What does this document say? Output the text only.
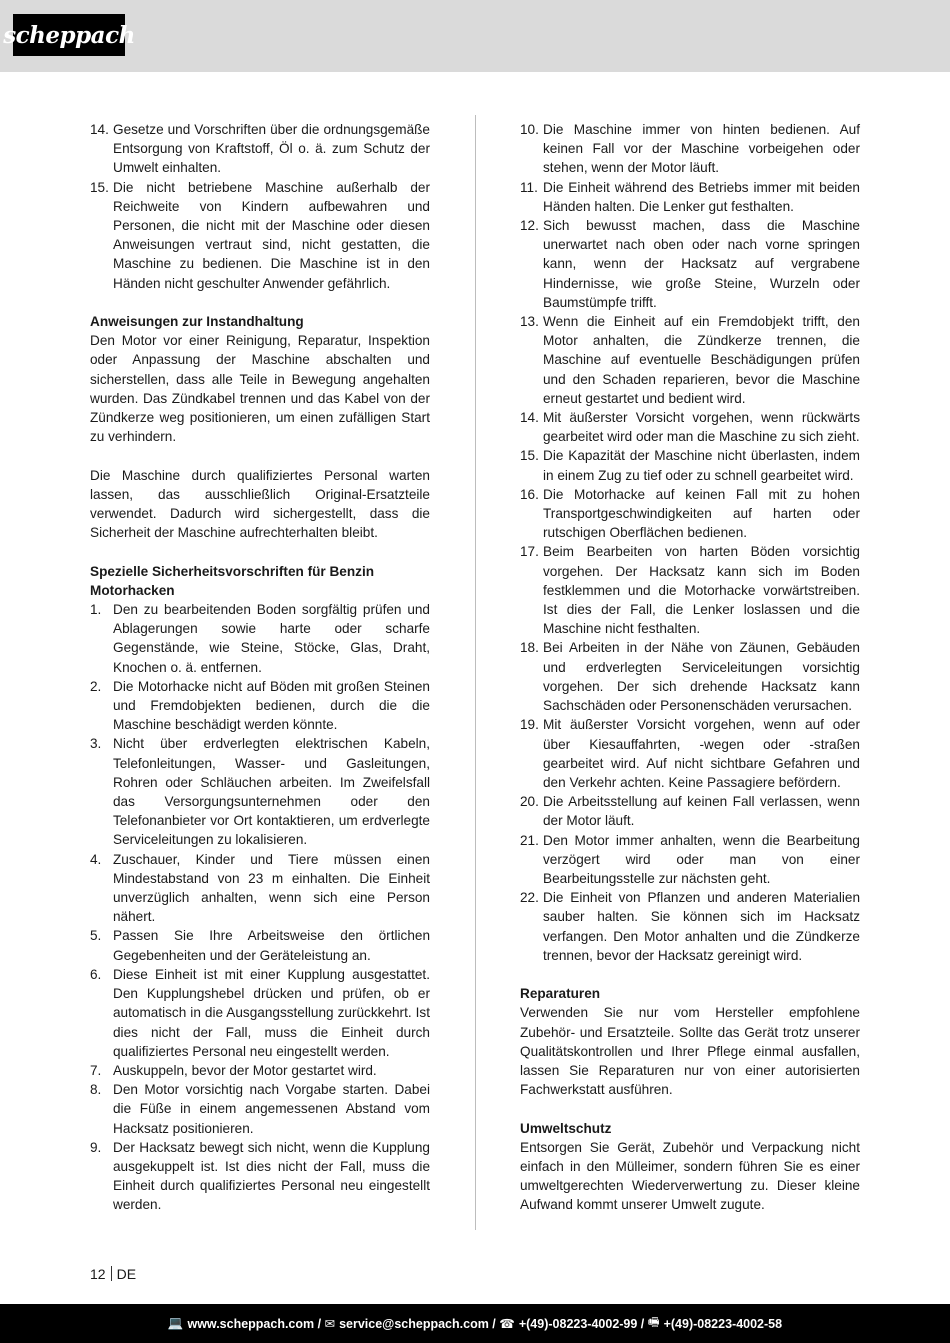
scheppach
14. Gesetze und Vorschriften über die ordnungsgemäße Entsorgung von Kraftstoff, Öl o. ä. zum Schutz der Umwelt einhalten.
15. Die nicht betriebene Maschine außerhalb der Reichweite von Kindern aufbewahren und Personen, die nicht mit der Maschine oder diesen Anweisungen vertraut sind, nicht gestatten, die Maschine zu bedienen. Die Maschine ist in den Händen nicht geschulter Anwender gefährlich.
Anweisungen zur Instandhaltung

Den Motor vor einer Reinigung, Reparatur, Inspektion oder Anpassung der Maschine abschalten und sicherstellen, dass alle Teile in Bewegung angehalten wurden. Das Zündkabel trennen und das Kabel von der Zündkerze weg positionieren, um einen zufälligen Start zu verhindern.

Die Maschine durch qualifiziertes Personal warten lassen, das ausschließlich Original-Ersatzteile verwendet. Dadurch wird sichergestellt, dass die Sicherheit der Maschine aufrechterhalten bleibt.

Spezielle Sicherheitsvorschriften für Benzin Motorhacken
1. Den zu bearbeitenden Boden sorgfältig prüfen und Ablagerungen sowie harte oder scharfe Gegenstände, wie Steine, Stöcke, Glas, Draht, Knochen o. ä. entfernen.
2. Die Motorhacke nicht auf Böden mit großen Steinen und Fremdobjekten bedienen, durch die die Maschine beschädigt werden könnte.
3. Nicht über erdverlegten elektrischen Kabeln, Telefonleitungen, Wasser- und Gasleitungen, Rohren oder Schläuchen arbeiten. Im Zweifelsfall das Versorgungsunternehmen oder den Telefonanbieter vor Ort kontaktieren, um erdverlegte Serviceleitungen zu lokalisieren.
4. Zuschauer, Kinder und Tiere müssen einen Mindestabstand von 23 m einhalten. Die Einheit unverzüglich anhalten, wenn sich eine Person nähert.
5. Passen Sie Ihre Arbeitsweise den örtlichen Gegebenheiten und der Geräteleistung an.
6. Diese Einheit ist mit einer Kupplung ausgestattet. Den Kupplungshebel drücken und prüfen, ob er automatisch in die Ausgangsstellung zurückkehrt. Ist dies nicht der Fall, muss die Einheit durch qualifiziertes Personal neu eingestellt werden.
7. Auskuppeln, bevor der Motor gestartet wird.
8. Den Motor vorsichtig nach Vorgabe starten. Dabei die Füße in einem angemessenen Abstand vom Hacksatz positionieren.
9. Der Hacksatz bewegt sich nicht, wenn die Kupplung ausgekuppelt ist. Ist dies nicht der Fall, muss die Einheit durch qualifiziertes Personal neu eingestellt werden.
10. Die Maschine immer von hinten bedienen. Auf keinen Fall vor der Maschine vorbeigehen oder stehen, wenn der Motor läuft.
11. Die Einheit während des Betriebs immer mit beiden Händen halten. Die Lenker gut festhalten.
12. Sich bewusst machen, dass die Maschine unerwartet nach oben oder nach vorne springen kann, wenn der Hacksatz auf vergrabene Hindernisse, wie große Steine, Wurzeln oder Baumstümpfe trifft.
13. Wenn die Einheit auf ein Fremdobjekt trifft, den Motor anhalten, die Zündkerze trennen, die Maschine auf eventuelle Beschädigungen prüfen und den Schaden reparieren, bevor die Maschine erneut gestartet und bedient wird.
14. Mit äußerster Vorsicht vorgehen, wenn rückwärts gearbeitet wird oder man die Maschine zu sich zieht.
15. Die Kapazität der Maschine nicht überlasten, indem in einem Zug zu tief oder zu schnell gearbeitet wird.
16. Die Motorhacke auf keinen Fall mit zu hohen Transportgeschwindigkeiten auf harten oder rutschigen Oberflächen bedienen.
17. Beim Bearbeiten von harten Böden vorsichtig vorgehen. Der Hacksatz kann sich im Boden festklemmen und die Motorhacke vorwärtstreiben. Ist dies der Fall, die Lenker loslassen und die Maschine nicht festhalten.
18. Bei Arbeiten in der Nähe von Zäunen, Gebäuden und erdverlegten Serviceleitungen vorsichtig vorgehen. Der sich drehende Hacksatz kann Sachschäden oder Personenschäden verursachen.
19. Mit äußerster Vorsicht vorgehen, wenn auf oder über Kiesauffahrten, -wegen oder -straßen gearbeitet wird. Auf nicht sichtbare Gefahren und den Verkehr achten. Keine Passagiere befördern.
20. Die Arbeitsstellung auf keinen Fall verlassen, wenn der Motor läuft.
21. Den Motor immer anhalten, wenn die Bearbeitung verzögert wird oder man von einer Bearbeitungsstelle zur nächsten geht.
22. Die Einheit von Pflanzen und anderen Materialien sauber halten. Sie können sich im Hacksatz verfangen. Den Motor anhalten und die Zündkerze trennen, bevor der Hacksatz gereinigt wird.
Reparaturen

Verwenden Sie nur vom Hersteller empfohlene Zubehör- und Ersatzteile. Sollte das Gerät trotz unserer Qualitätskontrollen und Ihrer Pflege einmal ausfallen, lassen Sie Reparaturen nur von einer autorisierten Fachwerkstatt ausführen.

Umweltschutz

Entsorgen Sie Gerät, Zubehör und Verpackung nicht einfach in den Mülleimer, sondern führen Sie es einer umweltgerechten Wiederverwertung zu. Dieser kleine Aufwand kommt unserer Umwelt zugute.

12 DE
💻 www.scheppach.com /
✉ service@scheppach.com /
☎ +(49)-08223-4002-99 /
🖷 +(49)-08223-4002-58
